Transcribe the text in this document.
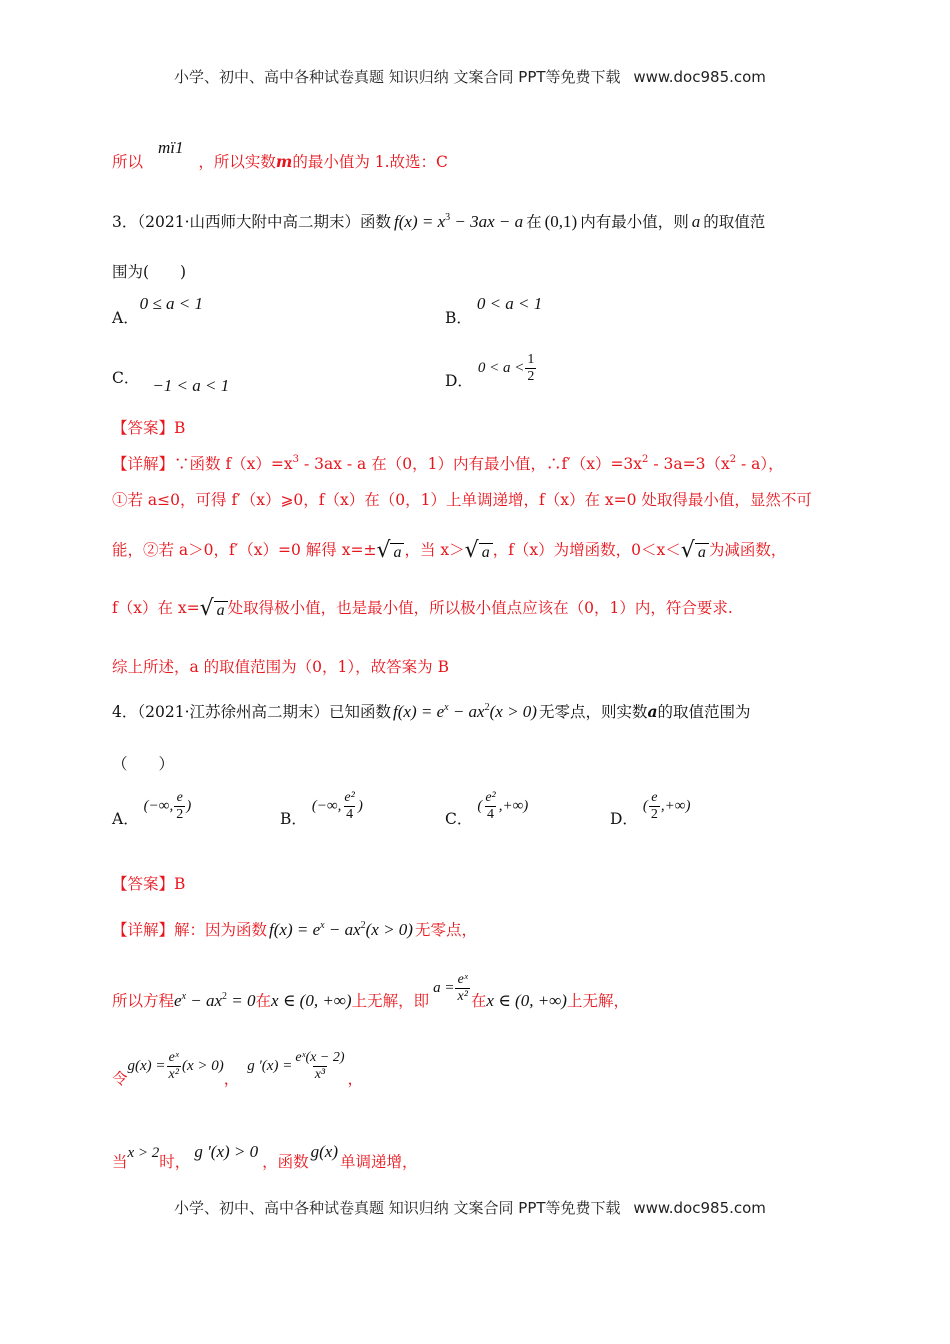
小学、初中、高中各种试卷真题 知识归纳 文案合同 PPT等免费下载 www.doc985.com
所以 mï1 ，所以实数m的最小值为 1.故选：C
3．（2021·山西师大附中高二期末）函数 $f(x) = x^3 - 3ax - a$ 在 (0,1) 内有最小值，则 a 的取值范
围为(　　)
A． 0 ≤ a < 1
B． 0 < a < 1
C． −1 < a < 1	D． $0 < a < \frac{1}{2}$
【答案】B
【详解】∵函数 $f(x)=x^3 - 3ax - a$ 在（0，1）内有最小值，$\therefore f'(x)=3x^2 - 3a=3(x^2 - a)$，
①若 a≤0，可得 f′（x）⩾0，f（x）在（0，1）上单调递增，f（x）在 x=0 处取得最小值，显然不可
能，②若 a＞0，f′（x）=0 解得 x=± √ a ，当 x＞ √ a ，f（x）为增函数，0＜x＜ √ a 为减函数，
f（x）在 x= √ a 处取得极小值，也是最小值，所以极小值点应该在（0，1）内，符合要求.
综上所述，a 的取值范围为（0，1），故答案为 B
4．（2021·江苏徐州高二期末）已知函数 $f(x) = e^x - ax^2(x > 0)$ 无零点，则实数a的取值范围为
（　　）
A． (−∞, $\frac{e}{2}$ )
B． (−∞, $\frac{\text{e²}}{4}$ )
C． ( $\frac{\text{e²}}{4}$ ,+∞)
D． ( $\frac{e}{2}$ ,+∞)
【答案】B
【详解】解：因为函数 $f(x) = e^x - ax^2(x > 0)$ 无零点，
所以方程$e^x - ax^2 = 0$在x ∈ (0, +∞)上无解，即$a = \frac{\text{eˣ}}{\text{x²}}$ 在x ∈ (0, +∞)上无解，
令$g(x) = \frac{\text{eˣ}}{\text{x²}} (x > 0)$，g $'(x) = \frac{\text{eˣ(x − 2)}}{\text{x³}}$ ，
当x > 2时，g ′(x) > 0，函数g(x)单调递增，
小学、初中、高中各种试卷真题 知识归纳 文案合同 PPT等免费下载 www.doc985.com
